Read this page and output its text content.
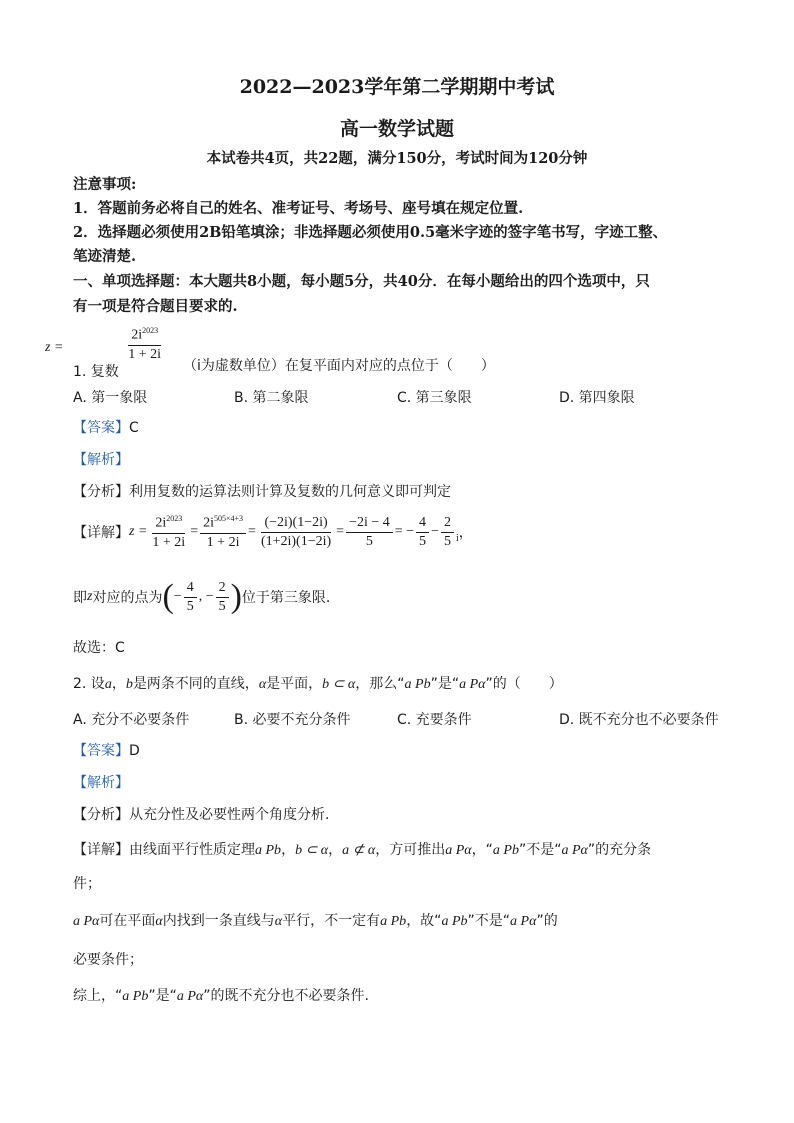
2022—2023学年第二学期期中考试
高一数学试题
本试卷共4页，共22题，满分150分，考试时间为120分钟
注意事项:
1．答题前务必将自己的姓名、准考证号、考场号、座号填在规定位置.
2．选择题必须使用2B铅笔填涂；非选择题必须使用0.5毫米字迹的签字笔书写，字迹工整、
笔迹清楚.
一、单项选择题：本大题共8小题，每小题5分，共40分．在每小题给出的四个选项中，只
有一项是符合题目要求的.
1. 复数
z =
$2i^{2023}$
1 + 2i
（i为虚数单位）在复平面内对应的点位于（　　）
A. 第一象限	B. 第二象限	C. 第三象限	D. 第四象限
【答案】C
【解析】
【分析】利用复数的运算法则计算及复数的几何意义即可判定
【详解】 $z = \frac{2i^{2023}}{1 + 2i} = \frac{2i^{505\times 4+3}}{1 + 2i} = \frac{(-2i)(1-2i)}{(1+2i)(1-2i)} = \frac{-2i - 4}{5}$ = − $\frac{4}{5} - \frac{2}{5}$ i ，
即 z 对应的点为 ( − $\frac{4}{5}$ , − $\frac{2}{5}$ ) 位于第三象限.
故选：C
2. 设a，b是两条不同的直线，α是平面，b ⊂ α，那么“a Pb”是“a Pα”的（　　）
A. 充分不必要条件	B. 必要不充分条件	C. 充要条件	D. 既不充分也不必要条件
【答案】D
【解析】
【分析】从充分性及必要性两个角度分析.
【详解】由线面平行性质定理a Pb，b ⊂ α，a ⊄ α，方可推出a Pα，“a Pb”不是“a Pα”的充分条
件；
a Pα可在平面α内找到一条直线与α平行，不一定有a Pb，故“a Pb”不是“a Pα”的
必要条件；
综上，“a Pb”是“a Pα”的既不充分也不必要条件.
